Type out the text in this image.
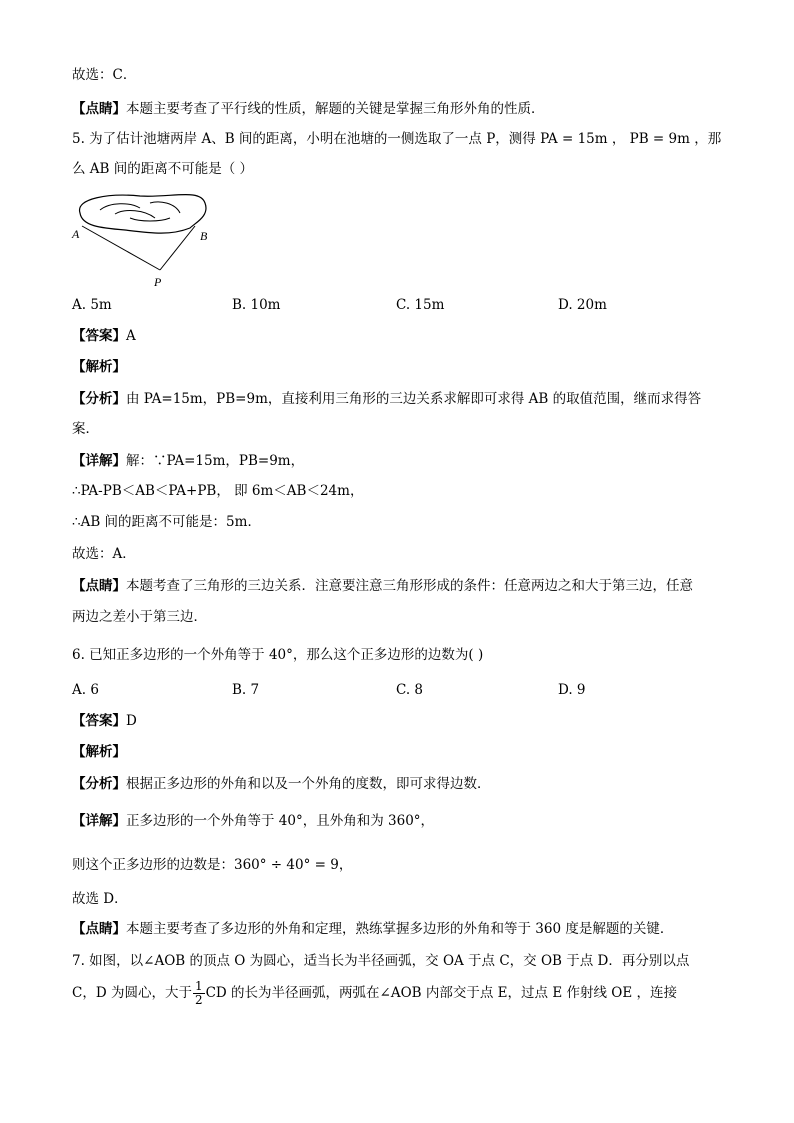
故选：C．
【点睛】本题主要考查了平行线的性质，解题的关键是掌握三角形外角的性质．
5. 为了估计池塘两岸 A、B 间的距离，小明在池塘的一侧选取了一点 P，测得 PA = 15m ， PB = 9m ，那
么 AB 间的距离不可能是（ ）
A	B
P
A. 5m	B. 10m	C. 15m	D. 20m
【答案】A
【解析】
【分析】由 PA=15m，PB=9m，直接利用三角形的三边关系求解即可求得 AB 的取值范围，继而求得答
案．
【详解】解：∵PA=15m，PB=9m，
∴PA-PB＜AB＜PA+PB， 即 6m＜AB＜24m，
∴AB 间的距离不可能是：5m．
故选：A．
【点睛】本题考查了三角形的三边关系．注意要注意三角形形成的条件：任意两边之和大于第三边，任意
两边之差小于第三边．
6. 已知正多边形的一个外角等于 40°，那么这个正多边形的边数为( )
A. 6	B. 7	C. 8	D. 9
【答案】D
【解析】
【分析】根据正多边形的外角和以及一个外角的度数，即可求得边数．
【详解】正多边形的一个外角等于 40°，且外角和为 360°，
则这个正多边形的边数是：360° ÷ 40° = 9，
故选 D．
【点睛】本题主要考查了多边形的外角和定理，熟练掌握多边形的外角和等于 360 度是解题的关键．
7. 如图，以∠AOB 的顶点 O 为圆心，适当长为半径画弧，交 OA 于点 C，交 OB 于点 D．再分别以点
C，D 为圆心，大于 $\frac{1}{2}$ CD 的长为半径画弧，两弧在∠AOB 内部交于点 E，过点 E 作射线 OE ，连接
